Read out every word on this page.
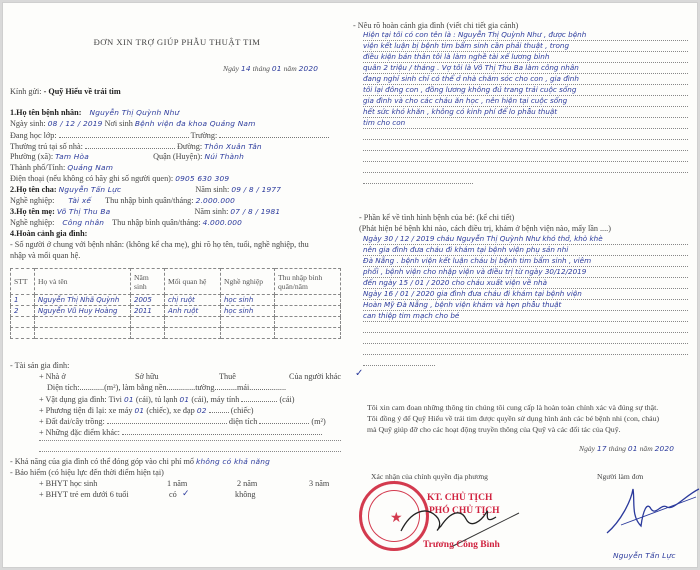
ĐƠN XIN TRỢ GIÚP PHẪU THUẬT TIM
Ngày 14 tháng 01 năm 2020
Kính gửi: - Quỹ Hiểu về trái tim
1.Họ tên bệnh nhân: Nguyễn Thị Quỳnh Như
Ngày sinh: 08 / 12 / 2019 Nơi sinh Bệnh viện đa khoa Quảng Nam
Đang học lớp:	Trường:
Thường trú tại số nhà:	Đường: Thôn Xuân Tân
Phường (xã): Tam Hòa	Quận (Huyện): Núi Thành
Thành phố/Tỉnh: Quảng Nam
Điện thoại (nếu không có hãy ghi số người quen): 0905 630 309
2.Họ tên cha: Nguyễn Tấn Lực	Năm sinh: 09 / 8 / 1977
Nghề nghiệp: Tài xế Thu nhập bình quân/tháng: 2.000.000
3.Họ tên mẹ: Võ Thị Thu Ba	Năm sinh: 07 / 8 / 1981
Nghề nghiệp: Công nhân Thu nhập bình quân/tháng: 4.000.000
4.Hoàn cảnh gia đình:
- Số người ở chung với bệnh nhân: (không kể cha mẹ), ghi rõ họ tên, tuổi, nghề nghiệp, thu
nhập và mối quan hệ.
STT	Họ và tên	Năm sinh	Mối quan hệ	Nghề nghiệp	Thu nhập bình quân/năm
1	Nguyễn Thị Nhã Quỳnh	2005	chị ruột	học sinh	
2	Nguyễn Vũ Huy Hoàng	2011	Anh ruột	học sinh	

- Tài sản gia đình:
+ Nhà ở	Sở hữu	Thuê	Của người khác ✓
Diện tích:............(m²), làm bằng nền..............tường...........mái..................
+ Vật dụng gia đình: Tivi 01 (cái), tủ lạnh 01 (cái), máy tính	(cái)
+ Phương tiện đi lại: xe máy 01 (chiếc), xe đạp 02	(chiếc)
+ Đất đai/cây trồng:	diện tích	(m²)
+ Những đặc điểm khác:
- Khả năng của gia đình có thể đóng góp vào chi phí mổ không có khả năng
- Bảo hiểm (có hiệu lực đến thời điểm hiện tại)
+ BHYT học sinh	1 năm	2 năm	3 năm
+ BHYT trẻ em dưới 6 tuổi	có ✓	không
- Nêu rõ hoàn cảnh gia đình (viết chi tiết gia cảnh)
Hiện tại tôi có con tên là : Nguyễn Thị Quỳnh Như , được bệnh
viện kết luận bị bệnh tim bẩm sinh cần phải thuật , trong
điều kiện bản thân tôi là làm nghề tài xế lương bình
quân 2 triệu / tháng . Vợ tôi là Võ Thị Thu Ba làm công nhân
đang nghỉ sinh chỉ có thể ở nhà chăm sóc cho con , gia đình
tôi lại đông con , đồng lương không đủ trang trải cuộc sống
gia đình và cho các cháu ăn học , nên hiện tại cuộc sống
hết sức khó khăn , không có kinh phí để lo phẫu thuật
tim cho con
- Phần kể về tình hình bệnh của bé: (kể chi tiết)
(Phát hiện bé bệnh khi nào, cách điều trị, khám ở bệnh viện nào, mấy lần ....)
Ngày 30 / 12 / 2019 cháu Nguyễn Thị Quỳnh Như khó thở, khò khè
nên gia đình đưa cháu đi khám tại bệnh viện phụ sản nhi
Đà Nẵng . bệnh viện kết luận cháu bị bệnh tim bẩm sinh , viêm
phổi , bệnh viện cho nhập viện và điều trị từ ngày 30/12/2019
đến ngày 15 / 01 / 2020 cho cháu xuất viện về nhà
Ngày 16 / 01 / 2020 gia đình đưa cháu đi khám tại bệnh viện
Hoàn Mỹ Đà Nẵng , bệnh viện khám và hẹn phẫu thuật
can thiệp tim mạch cho bé
Tôi xin cam đoan những thông tin chúng tôi cung cấp là hoàn toàn chính xác và đúng sự thật.
Tôi đồng ý để Quỹ Hiểu về trái tim được quyền sử dụng hình ảnh các bé bệnh nhi (con, cháu)
mà Quỹ giúp đỡ cho các hoạt động truyền thông của Quỹ và các đối tác của Quỹ.
Ngày 17 tháng 01 năm 2020
Xác nhận của chính quyền địa phương	Người làm đơn
★
KT. CHỦ TỊCH
PHÓ CHỦ TỊCH
Trương Công Bình
Nguyễn Tấn Lực
